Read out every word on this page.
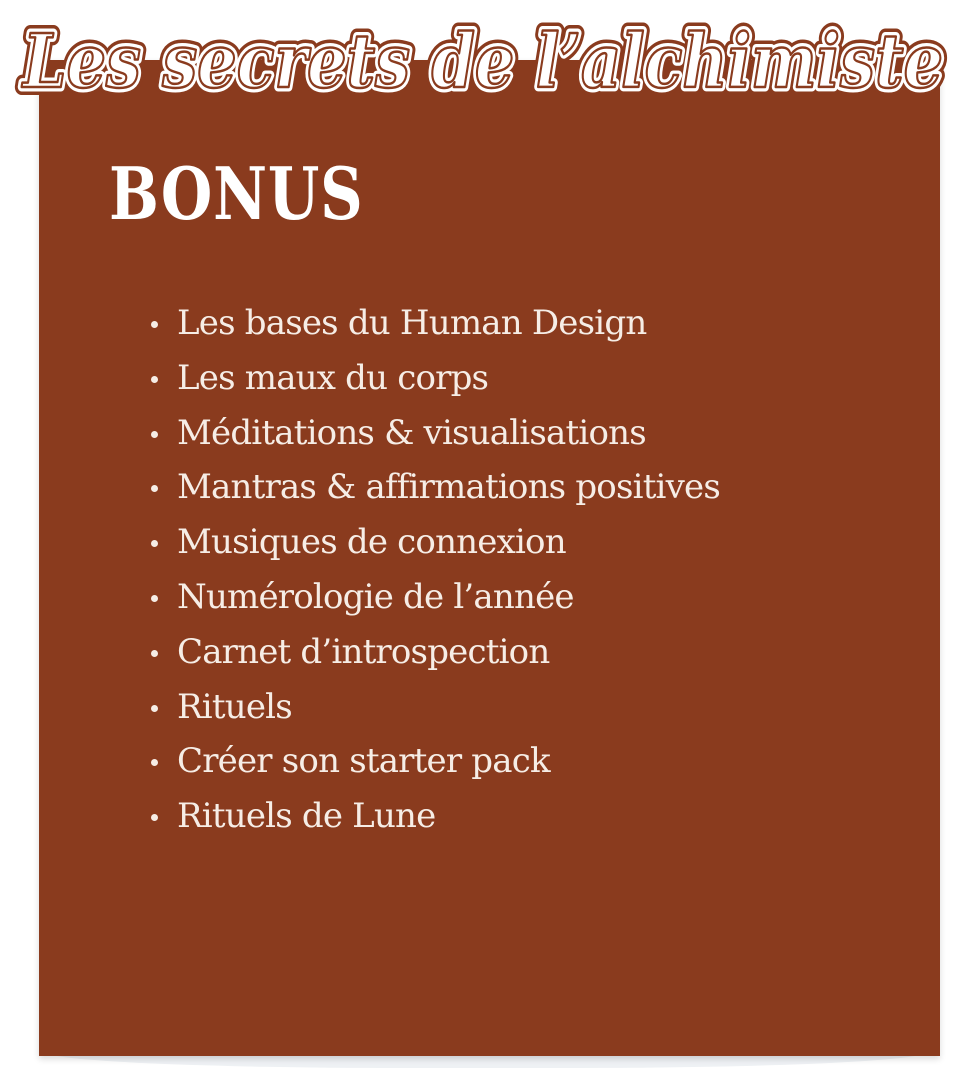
BONUS
Les bases du Human Design
Les maux du corps
Méditations & visualisations
Mantras & affirmations positives
Musiques de connexion
Numérologie de l’année
Carnet d’introspection
Rituels
Créer son starter pack
Rituels de Lune
Les secrets de l’alchimiste
Les secrets de l’alchimiste
Les secrets de l’alchimiste
